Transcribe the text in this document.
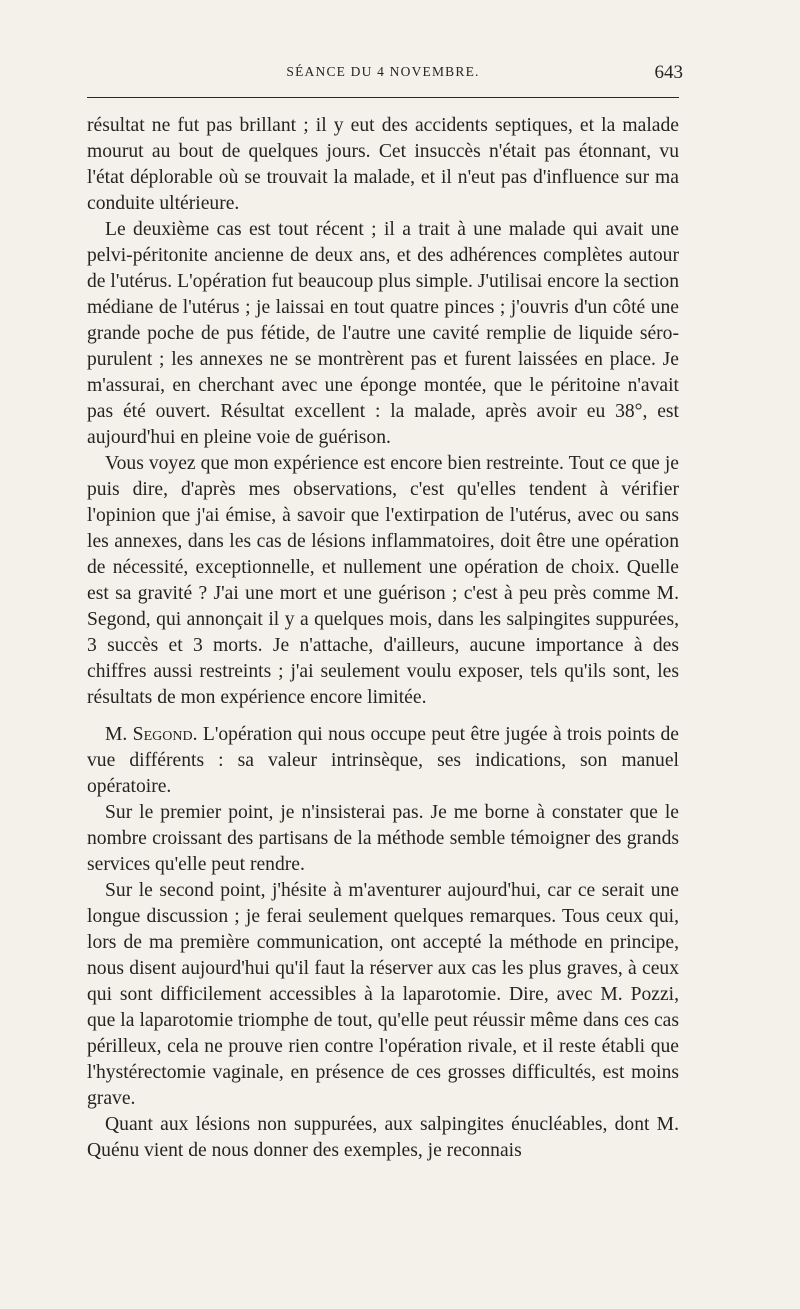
SÉANCE DU 4 NOVEMBRE.	643

résultat ne fut pas brillant ; il y eut des accidents septiques, et la malade mourut au bout de quelques jours. Cet insuccès n'était pas étonnant, vu l'état déplorable où se trouvait la malade, et il n'eut pas d'influence sur ma conduite ultérieure.

Le deuxième cas est tout récent ; il a trait à une malade qui avait une pelvi-péritonite ancienne de deux ans, et des adhérences complètes autour de l'utérus. L'opération fut beaucoup plus simple. J'utilisai encore la section médiane de l'utérus ; je laissai en tout quatre pinces ; j'ouvris d'un côté une grande poche de pus fétide, de l'autre une cavité remplie de liquide séro-purulent ; les annexes ne se montrèrent pas et furent laissées en place. Je m'assurai, en cherchant avec une éponge montée, que le péritoine n'avait pas été ouvert. Résultat excellent : la malade, après avoir eu 38°, est aujourd'hui en pleine voie de guérison.

Vous voyez que mon expérience est encore bien restreinte. Tout ce que je puis dire, d'après mes observations, c'est qu'elles tendent à vérifier l'opinion que j'ai émise, à savoir que l'extirpation de l'utérus, avec ou sans les annexes, dans les cas de lésions inflammatoires, doit être une opération de nécessité, exceptionnelle, et nullement une opération de choix. Quelle est sa gravité ? J'ai une mort et une guérison ; c'est à peu près comme M. Segond, qui annonçait il y a quelques mois, dans les salpingites suppurées, 3 succès et 3 morts. Je n'attache, d'ailleurs, aucune importance à des chiffres aussi restreints ; j'ai seulement voulu exposer, tels qu'ils sont, les résultats de mon expérience encore limitée.

M. Segond. L'opération qui nous occupe peut être jugée à trois points de vue différents : sa valeur intrinsèque, ses indications, son manuel opératoire.

Sur le premier point, je n'insisterai pas. Je me borne à constater que le nombre croissant des partisans de la méthode semble témoigner des grands services qu'elle peut rendre.

Sur le second point, j'hésite à m'aventurer aujourd'hui, car ce serait une longue discussion ; je ferai seulement quelques remarques. Tous ceux qui, lors de ma première communication, ont accepté la méthode en principe, nous disent aujourd'hui qu'il faut la réserver aux cas les plus graves, à ceux qui sont difficilement accessibles à la laparotomie. Dire, avec M. Pozzi, que la laparotomie triomphe de tout, qu'elle peut réussir même dans ces cas périlleux, cela ne prouve rien contre l'opération rivale, et il reste établi que l'hystérectomie vaginale, en présence de ces grosses difficultés, est moins grave.

Quant aux lésions non suppurées, aux salpingites énucléables, dont M. Quénu vient de nous donner des exemples, je reconnais
